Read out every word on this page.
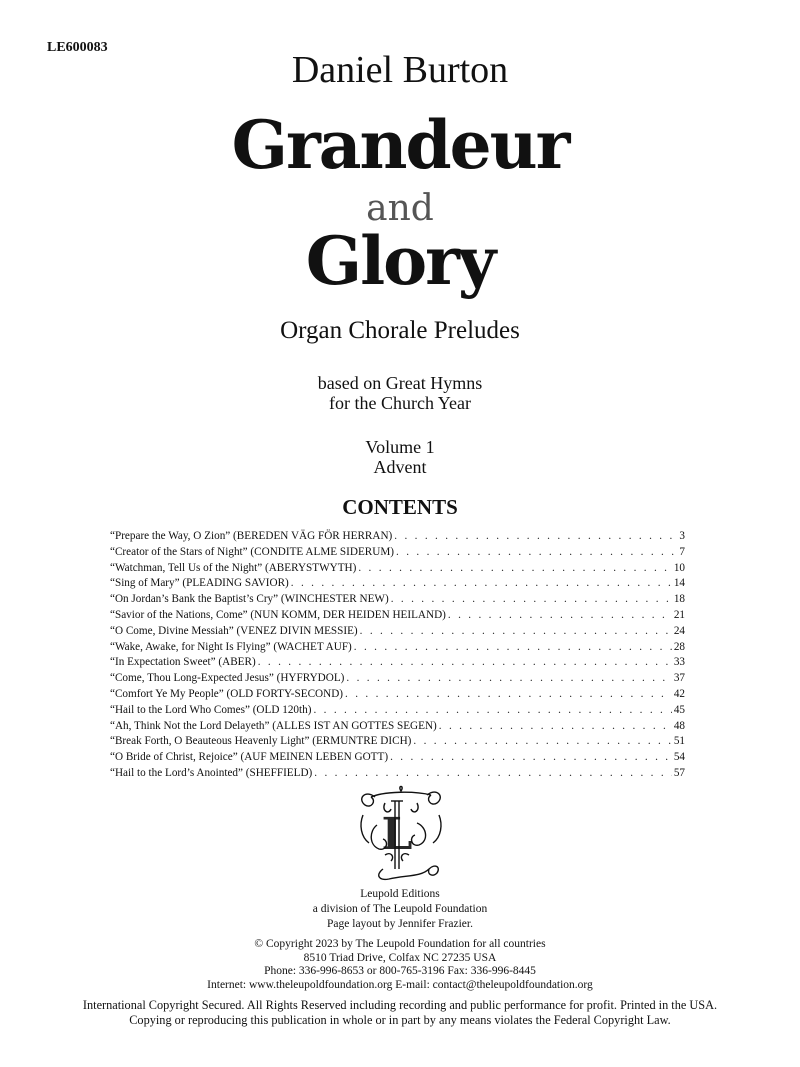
LE600083
Daniel Burton
Grandeur
and
Glory
Organ Chorale Preludes
based on Great Hymns
for the Church Year
Volume 1
Advent
CONTENTS
“Prepare the Way, O Zion” (BEREDEN VÄG FÖR HERRAN) . . .	3
“Creator of the Stars of Night” (CONDITE ALME SIDERUM) . . .	7
“Watchman, Tell Us of the Night” (ABERYSTWYTH) . . .	10
“Sing of Mary” (PLEADING SAVIOR) . . .	14
“On Jordan’s Bank the Baptist’s Cry” (WINCHESTER NEW) . . .	18
“Savior of the Nations, Come” (NUN KOMM, DER HEIDEN HEILAND) . . .	21
“O Come, Divine Messiah” (VENEZ DIVIN MESSIE) . . .	24
“Wake, Awake, for Night Is Flying” (WACHET AUF) . . .	28
“In Expectation Sweet” (ABER) . . .	33
“Come, Thou Long-Expected Jesus” (HYFRYDOL) . . .	37
“Comfort Ye My People” (OLD FORTY-SECOND) . . .	42
“Hail to the Lord Who Comes” (OLD 120th) . . .	45
“Ah, Think Not the Lord Delayeth” (ALLES IST AN GOTTES SEGEN) . . .	48
“Break Forth, O Beauteous Heavenly Light” (ERMUNTRE DICH) . . .	51
“O Bride of Christ, Rejoice” (AUF MEINEN LEBEN GOTT) . . .	54
“Hail to the Lord’s Anointed” (SHEFFIELD) . . .	57
L
Leupold Editions
a division of The Leupold Foundation
Page layout by Jennifer Frazier.
© Copyright 2023 by The Leupold Foundation for all countries
8510 Triad Drive, Colfax NC 27235 USA
Phone: 336-996-8653 or 800-765-3196 Fax: 336-996-8445
Internet: www.theleupoldfoundation.org E-mail: contact@theleupoldfoundation.org
International Copyright Secured. All Rights Reserved including recording and public performance for profit. Printed in the USA.
Copying or reproducing this publication in whole or in part by any means violates the Federal Copyright Law.
